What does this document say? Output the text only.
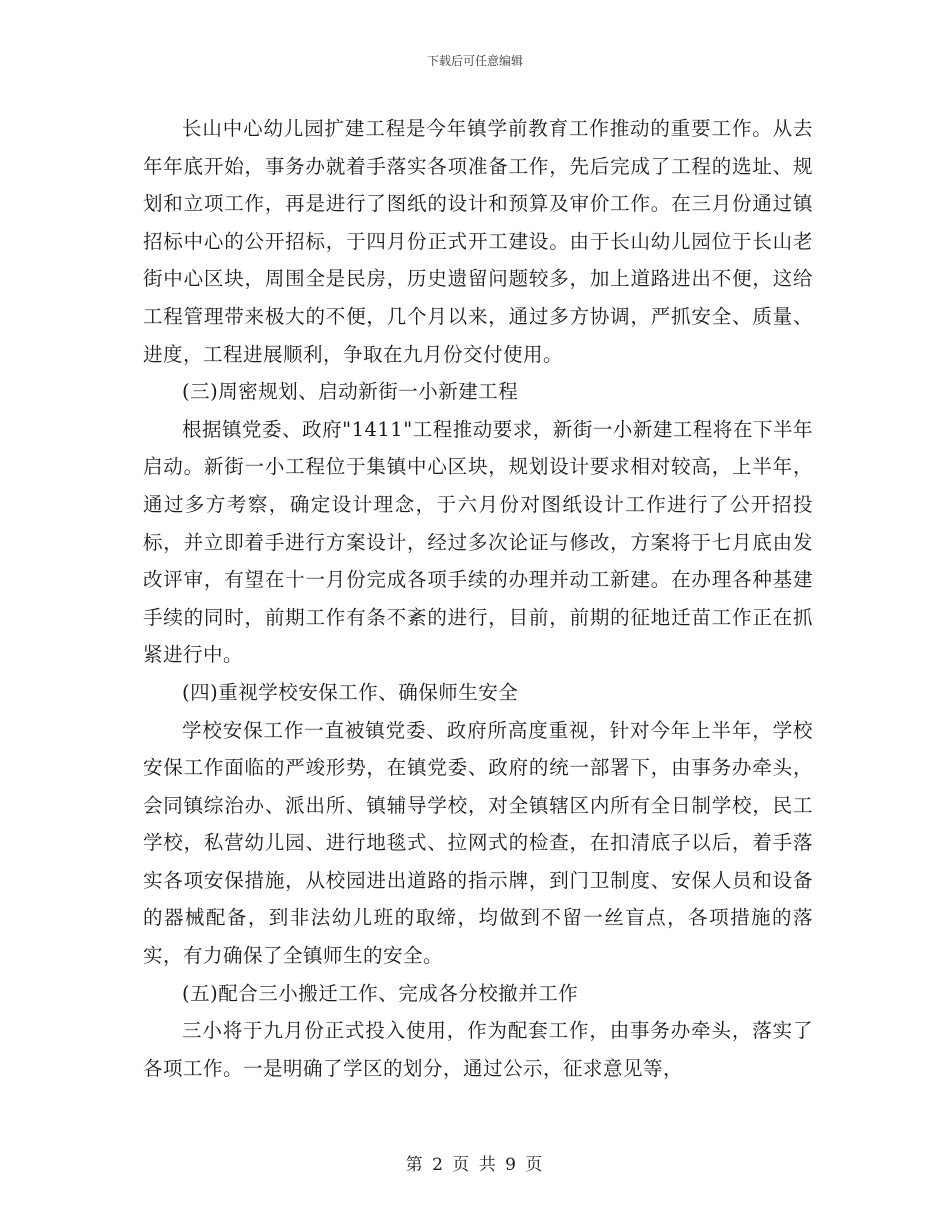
下载后可任意编辑

长山中心幼儿园扩建工程是今年镇学前教育工作推动的重要工作。从去年年底开始，事务办就着手落实各项准备工作，先后完成了工程的选址、规划和立项工作，再是进行了图纸的设计和预算及审价工作。在三月份通过镇招标中心的公开招标，于四月份正式开工建设。由于长山幼儿园位于长山老街中心区块，周围全是民房，历史遗留问题较多，加上道路进出不便，这给工程管理带来极大的不便，几个月以来，通过多方协调，严抓安全、质量、进度，工程进展顺利，争取在九月份交付使用。

(三)周密规划、启动新街一小新建工程

根据镇党委、政府"1411"工程推动要求，新街一小新建工程将在下半年启动。新街一小工程位于集镇中心区块，规划设计要求相对较高，上半年，通过多方考察，确定设计理念，于六月份对图纸设计工作进行了公开招投标，并立即着手进行方案设计，经过多次论证与修改，方案将于七月底由发改评审，有望在十一月份完成各项手续的办理并动工新建。在办理各种基建手续的同时，前期工作有条不紊的进行，目前，前期的征地迁苗工作正在抓紧进行中。

(四)重视学校安保工作、确保师生安全

学校安保工作一直被镇党委、政府所高度重视，针对今年上半年，学校安保工作面临的严竣形势，在镇党委、政府的统一部署下，由事务办牵头，会同镇综治办、派出所、镇辅导学校，对全镇辖区内所有全日制学校，民工学校，私营幼儿园、进行地毯式、拉网式的检查，在扣清底子以后，着手落实各项安保措施，从校园进出道路的指示牌，到门卫制度、安保人员和设备的器械配备，到非法幼儿班的取缔，均做到不留一丝盲点，各项措施的落实，有力确保了全镇师生的安全。

(五)配合三小搬迁工作、完成各分校撤并工作

三小将于九月份正式投入使用，作为配套工作，由事务办牵头，落实了各项工作。一是明确了学区的划分，通过公示，征求意见等，

第 2 页 共 9 页
